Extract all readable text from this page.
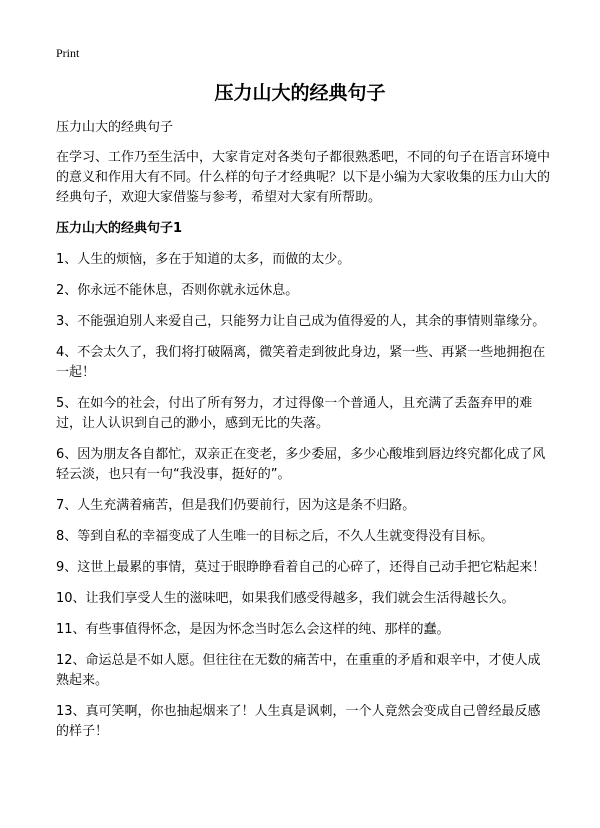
Print
压力山大的经典句子

压力山大的经典句子

在学习、工作乃至生活中，大家肯定对各类句子都很熟悉吧，不同的句子在语言环境中的意义和作用大有不同。什么样的句子才经典呢？以下是小编为大家收集的压力山大的经典句子，欢迎大家借鉴与参考，希望对大家有所帮助。

压力山大的经典句子1

1、人生的烦恼，多在于知道的太多，而做的太少。
2、你永远不能休息，否则你就永远休息。
3、不能强迫别人来爱自己，只能努力让自己成为值得爱的人，其余的事情则靠缘分。
4、不会太久了，我们将打破隔离，微笑着走到彼此身边，紧一些、再紧一些地拥抱在一起！
5、在如今的社会，付出了所有努力，才过得像一个普通人，且充满了丢盔弃甲的难过，让人认识到自己的渺小，感到无比的失落。
6、因为朋友各自都忙，双亲正在变老，多少委屈，多少心酸堆到唇边终究都化成了风轻云淡，也只有一句“我没事，挺好的”。
7、人生充满着痛苦，但是我们仍要前行，因为这是条不归路。
8、等到自私的幸福变成了人生唯一的目标之后，不久人生就变得没有目标。
9、这世上最累的事情，莫过于眼睁睁看着自己的心碎了，还得自己动手把它粘起来！
10、让我们享受人生的滋味吧，如果我们感受得越多，我们就会生活得越长久。
11、有些事值得怀念，是因为怀念当时怎么会这样的纯、那样的蠢。
12、命运总是不如人愿。但往往在无数的痛苦中，在重重的矛盾和艰辛中，才使人成熟起来。
13、真可笑啊，你也抽起烟来了！人生真是讽刺，一个人竟然会变成自己曾经最反感的样子！
